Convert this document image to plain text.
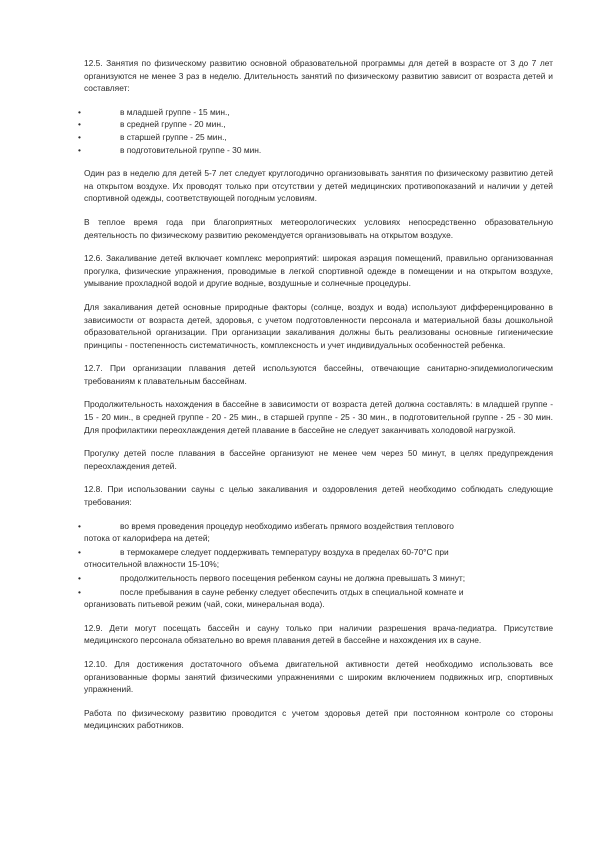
12.5. Занятия по физическому развитию основной образовательной программы для детей в возрасте от 3 до 7 лет организуются не менее 3 раз в неделю. Длительность занятий по физическому развитию зависит от возраста детей и составляет:

•	в младшей группе - 15 мин.,
•	в средней группе - 20 мин.,
•	в старшей группе - 25 мин.,
•	в подготовительной группе - 30 мин.

Один раз в неделю для детей 5-7 лет следует круглогодично организовывать занятия по физическому развитию детей на открытом воздухе. Их проводят только при отсутствии у детей медицинских противопоказаний и наличии у детей спортивной одежды, соответствующей погодным условиям.

В теплое время года при благоприятных метеорологических условиях непосредственно образовательную деятельность по физическому развитию рекомендуется организовывать на открытом воздухе.

12.6. Закаливание детей включает комплекс мероприятий: широкая аэрация помещений, правильно организованная прогулка, физические упражнения, проводимые в легкой спортивной одежде в помещении и на открытом воздухе, умывание прохладной водой и другие водные, воздушные и солнечные процедуры.

Для закаливания детей основные природные факторы (солнце, воздух и вода) используют дифференцированно в зависимости от возраста детей, здоровья, с учетом подготовленности персонала и материальной базы дошкольной образовательной организации. При организации закаливания должны быть реализованы основные гигиенические принципы - постепенность систематичность, комплексность и учет индивидуальных особенностей ребенка.

12.7. При организации плавания детей используются бассейны, отвечающие санитарно-эпидемиологическим требованиям к плавательным бассейнам.

Продолжительность нахождения в бассейне в зависимости от возраста детей должна составлять: в младшей группе - 15 - 20 мин., в средней группе - 20 - 25 мин., в старшей группе - 25 - 30 мин., в подготовительной группе - 25 - 30 мин. Для профилактики переохлаждения детей плавание в бассейне не следует заканчивать холодовой нагрузкой.

Прогулку детей после плавания в бассейне организуют не менее чем через 50 минут, в целях предупреждения переохлаждения детей.

12.8. При использовании сауны с целью закаливания и оздоровления детей необходимо соблюдать следующие требования:

•	во время проведения процедур необходимо избегать прямого воздействия теплового
потока от калорифера на детей;
•	в термокамере следует поддерживать температуру воздуха в пределах 60-70°С при
относительной влажности 15-10%;
•	продолжительность первого посещения ребенком сауны не должна превышать 3 минут;
•	после пребывания в сауне ребенку следует обеспечить отдых в специальной комнате и
организовать питьевой режим (чай, соки, минеральная вода).

12.9. Дети могут посещать бассейн и сауну только при наличии разрешения врача-педиатра. Присутствие медицинского персонала обязательно во время плавания детей в бассейне и нахождения их в сауне.

12.10. Для достижения достаточного объема двигательной активности детей необходимо использовать все организованные формы занятий физическими упражнениями с широким включением подвижных игр, спортивных упражнений.

Работа по физическому развитию проводится с учетом здоровья детей при постоянном контроле со стороны медицинских работников.
